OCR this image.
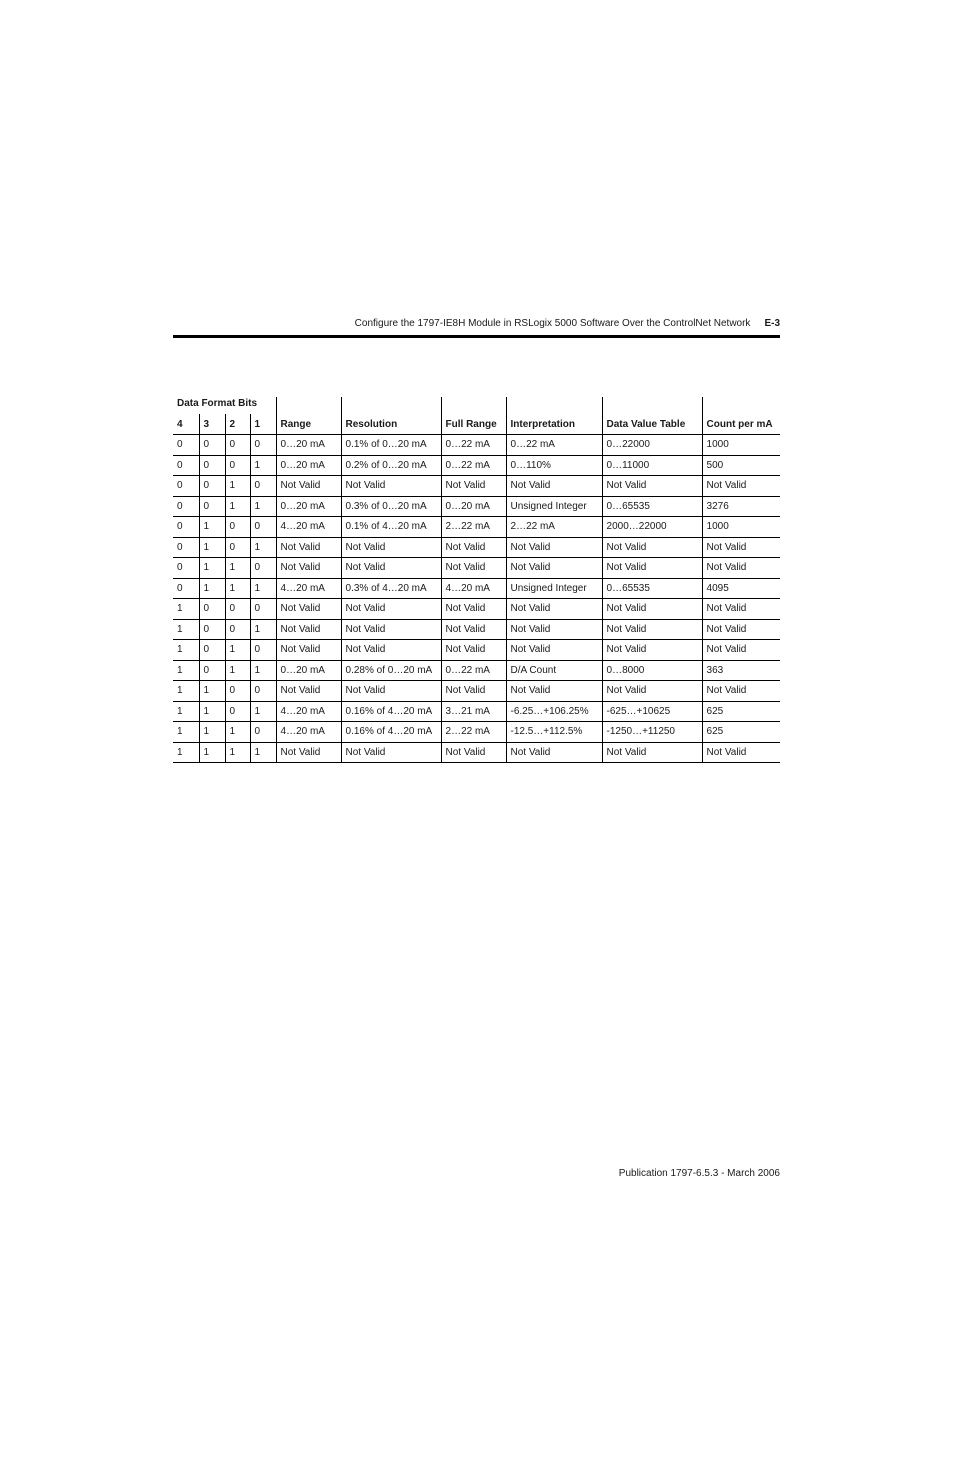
Configure the 1797-IE8H Module in RSLogix 5000 Software Over the ControlNet Network E-3
Data Format Bits									
4	3	2	1	Range	Resolution	Full Range	Interpretation	Data Value Table	Count per mA
0	0	0	0	0…20 mA	0.1% of 0…20 mA	0…22 mA	0…22 mA	0…22000	1000
0	0	0	1	0…20 mA	0.2% of 0…20 mA	0…22 mA	0…110%	0…11000	500
0	0	1	0	Not Valid	Not Valid	Not Valid	Not Valid	Not Valid	Not Valid
0	0	1	1	0…20 mA	0.3% of 0…20 mA	0…20 mA	Unsigned Integer	0…65535	3276
0	1	0	0	4…20 mA	0.1% of 4…20 mA	2…22 mA	2…22 mA	2000…22000	1000
0	1	0	1	Not Valid	Not Valid	Not Valid	Not Valid	Not Valid	Not Valid
0	1	1	0	Not Valid	Not Valid	Not Valid	Not Valid	Not Valid	Not Valid
0	1	1	1	4…20 mA	0.3% of 4…20 mA	4…20 mA	Unsigned Integer	0…65535	4095
1	0	0	0	Not Valid	Not Valid	Not Valid	Not Valid	Not Valid	Not Valid
1	0	0	1	Not Valid	Not Valid	Not Valid	Not Valid	Not Valid	Not Valid
1	0	1	0	Not Valid	Not Valid	Not Valid	Not Valid	Not Valid	Not Valid
1	0	1	1	0…20 mA	0.28% of 0…20 mA	0…22 mA	D/A Count	0…8000	363
1	1	0	0	Not Valid	Not Valid	Not Valid	Not Valid	Not Valid	Not Valid
1	1	0	1	4…20 mA	0.16% of 4…20 mA	3…21 mA	-6.25…+106.25%	-625…+10625	625
1	1	1	0	4…20 mA	0.16% of 4…20 mA	2…22 mA	-12.5…+112.5%	-1250…+11250	625
1	1	1	1	Not Valid	Not Valid	Not Valid	Not Valid	Not Valid	Not Valid
Publication 1797-6.5.3 - March 2006
